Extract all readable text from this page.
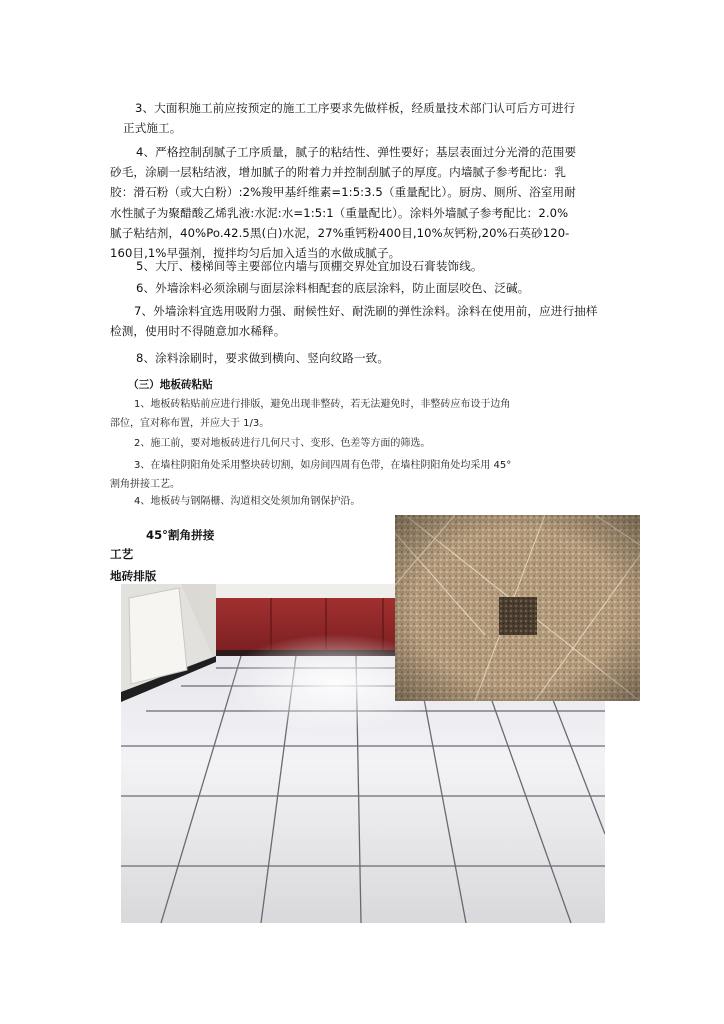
3、大面积施工前应按预定的施工工序要求先做样板，经质量技术部门认可后方可进行
正式施工。
4、严格控制刮腻子工序质量，腻子的粘结性、弹性要好；基层表面过分光滑的范围要
砂毛，涂刷一层粘结液，增加腻子的附着力并控制刮腻子的厚度。内墙腻子参考配比：乳
胶：滑石粉（或大白粉）:2%羧甲基纤维素=1:5:3.5（重量配比）。厨房、厕所、浴室用耐
水性腻子为聚醋酸乙烯乳液:水泥:水=1:5:1（重量配比）。涂料外墙腻子参考配比：2.0%
腻子粘结剂，40%Po.42.5黑(白)水泥，27%重钙粉400目,10%灰钙粉,20%石英砂120-
160目,1%早强剂，搅拌均匀后加入适当的水做成腻子。
5、大厅、楼梯间等主要部位内墙与顶棚交界处宜加设石膏装饰线。
6、外墙涂料必须涂刷与面层涂料相配套的底层涂料，防止面层咬色、泛碱。
7、外墙涂料宜选用吸附力强、耐候性好、耐洗刷的弹性涂料。涂料在使用前，应进行抽样
检测，使用时不得随意加水稀释。
8、涂料涂刷时，要求做到横向、竖向纹路一致。
（三）地板砖粘贴
1、地板砖粘贴前应进行排版，避免出现非整砖，若无法避免时，非整砖应布设于边角
部位，宜对称布置，并应大于 1/3。
2、施工前，要对地板砖进行几何尺寸、变形、色差等方面的筛选。
3、在墙柱阴阳角处采用整块砖切割，如房间四周有色带，在墙柱阴阳角处均采用 45°
割角拼接工艺。
4、地板砖与钢隔栅、沟道相交处须加角钢保护沿。
45°割角拼接
工艺
地砖排版
